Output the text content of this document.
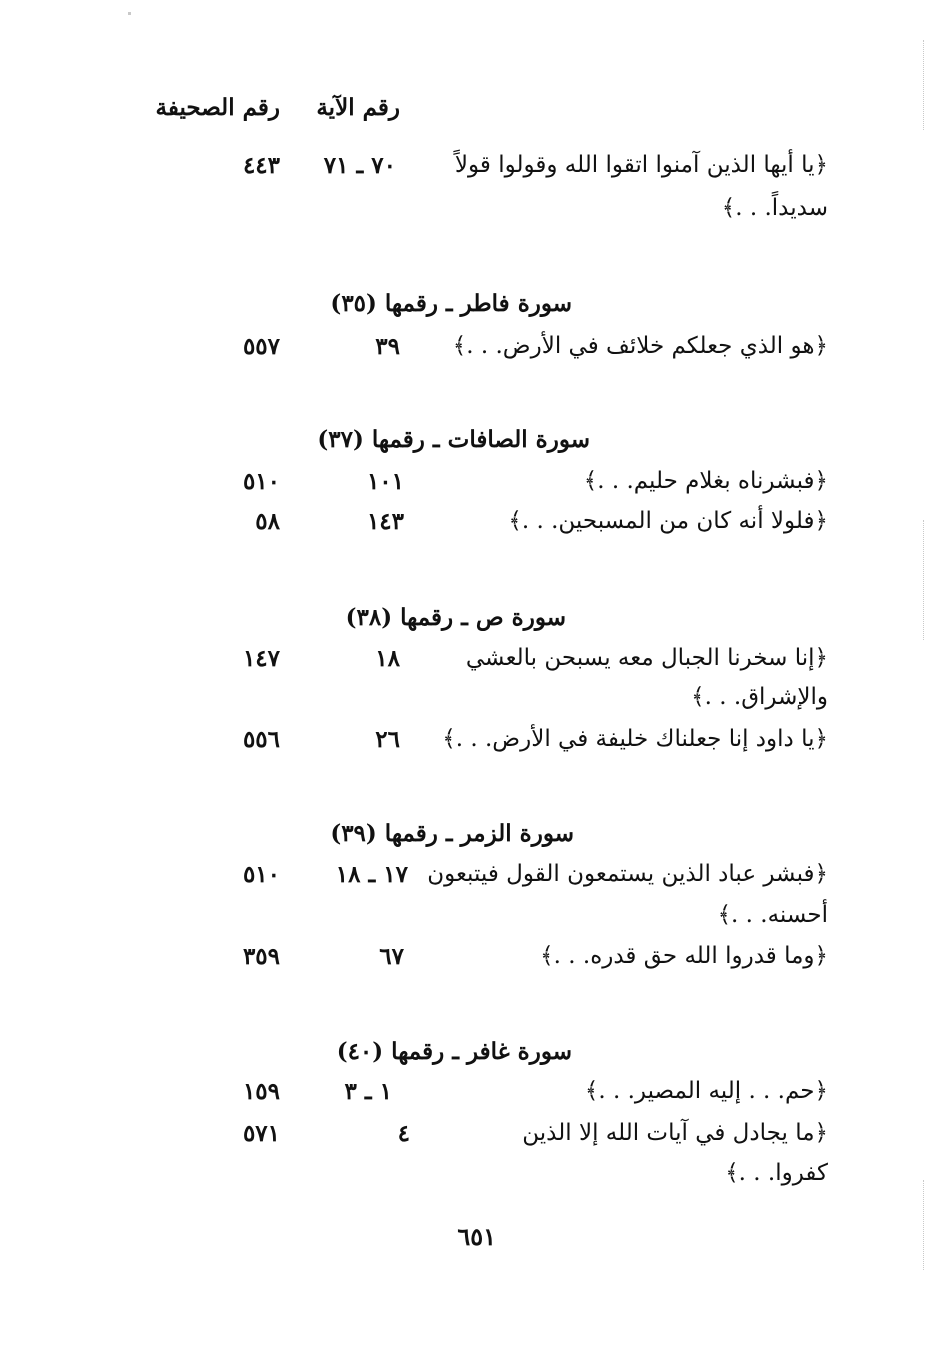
رقم الصحيفة رقم الآية
﴿يا أيها الذين آمنوا اتقوا الله وقولوا قولاً
سديداً. . .﴾
٧٠ ـ ٧١
٤٤٣
سورة فاطر ـ رقمها (٣٥)
﴿هو الذي جعلكم خلائف في الأرض. . .﴾
٣٩
٥٥٧
سورة الصافات ـ رقمها (٣٧)
﴿فبشرناه بغلام حليم. . .﴾
١٠١
٥١٠
﴿فلولا أنه كان من المسبحين. . .﴾
١٤٣
٥٨
سورة ص ـ رقمها (٣٨)
﴿إنا سخرنا الجبال معه يسبحن بالعشي
والإشراق. . .﴾
١٨
١٤٧
﴿يا داود إنا جعلناك خليفة في الأرض. . .﴾
٢٦
٥٥٦
سورة الزمر ـ رقمها (٣٩)
﴿فبشر عباد الذين يستمعون القول فيتبعون
أحسنه. . .﴾
١٧ ـ ١٨
٥١٠
﴿وما قدروا الله حق قدره. . .﴾
٦٧
٣٥٩
سورة غافر ـ رقمها (٤٠)
﴿حم. . . إليه المصير. . .﴾
١ ـ ٣
١٥٩
﴿ما يجادل في آيات الله إلا الذين
كفروا. . .﴾
٤
٥٧١
٦٥١
